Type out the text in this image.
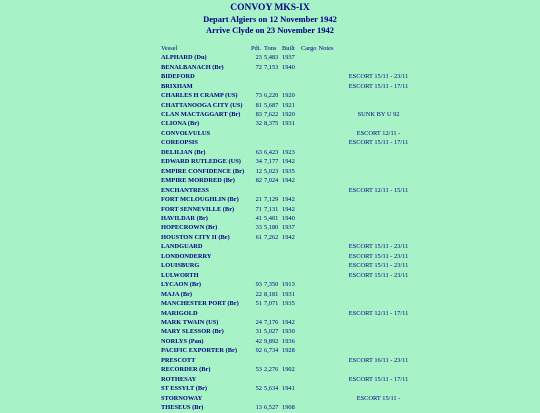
CONVOY MKS-IX
Depart Algiers on 12 November 1942
Arrive Clyde on 23 November 1942
Vessel	Pdt.	Tons	Built	Cargo	Notes
ALPHARD (Du)	23	5,483	1937		
BENALBANACH (Br)	72	7,153	1940		
BIDEFORD					ESCORT 15/11 - 23/11
BRIXHAM					ESCORT 15/11 - 17/11
CHARLES H CRAMP (US)	73	6,220	1920		
CHATTANOOGA CITY (US)	81	5,687	1921		
CLAN MACTAGGART (Br)	83	7,622	1920		SUNK BY U 92
CLIONA (Br)	32	8,375	1931		
CONVOLVULUS					ESCORT 12/11 -
COREOPSIS					ESCORT 15/11 - 17/11
DELILIAN (Br)	63	6,423	1923		
EDWARD RUTLEDGE (US)	34	7,177	1942		
EMPIRE CONFIDENCE (Br)	12	5,023	1935		
EMPIRE MORDRED (Br)	82	7,024	1942		
ENCHANTRESS					ESCORT 12/11 - 15/11
FORT MCLOUGHLIN (Br)	21	7,129	1942		
FORT SENNEVILLE (Br)	71	7,131	1942		
HAVILDAR (Br)	41	5,401	1940		
HOPECROWN (Br)	33	5,180	1937		
HOUSTON CITY II (Br)	61	7,262	1942		
LANDGUARD					ESCORT 15/11 - 23/11
LONDONDERRY					ESCORT 15/11 - 23/11
LOUISBURG					ESCORT 15/11 - 23/11
LULWORTH					ESCORT 15/11 - 23/11
LYCAON (Br)	93	7,350	1913		
MAJA (Br)	22	8,181	1931		
MANCHESTER PORT (Br)	51	7,071	1935		
MARIGOLD					ESCORT 12/11 - 17/11
MARK TWAIN (US)	24	7,176	1942		
MARY SLESSOR (Br)	31	5,027	1930		
NORLYS (Pan)	42	9,892	1936		
PACIFIC EXPORTER (Br)	92	6,734	1928		
PRESCOTT					ESCORT 16/11 - 23/11
RECORDER (Br)	53	2,276	1902		
ROTHESAY					ESCORT 15/11 - 17/11
ST ESSYLT (Br)	52	5,634	1941		
STORNOWAY					ESCORT 15/11 -
THESEUS (Br)	13	6,527	1908		
